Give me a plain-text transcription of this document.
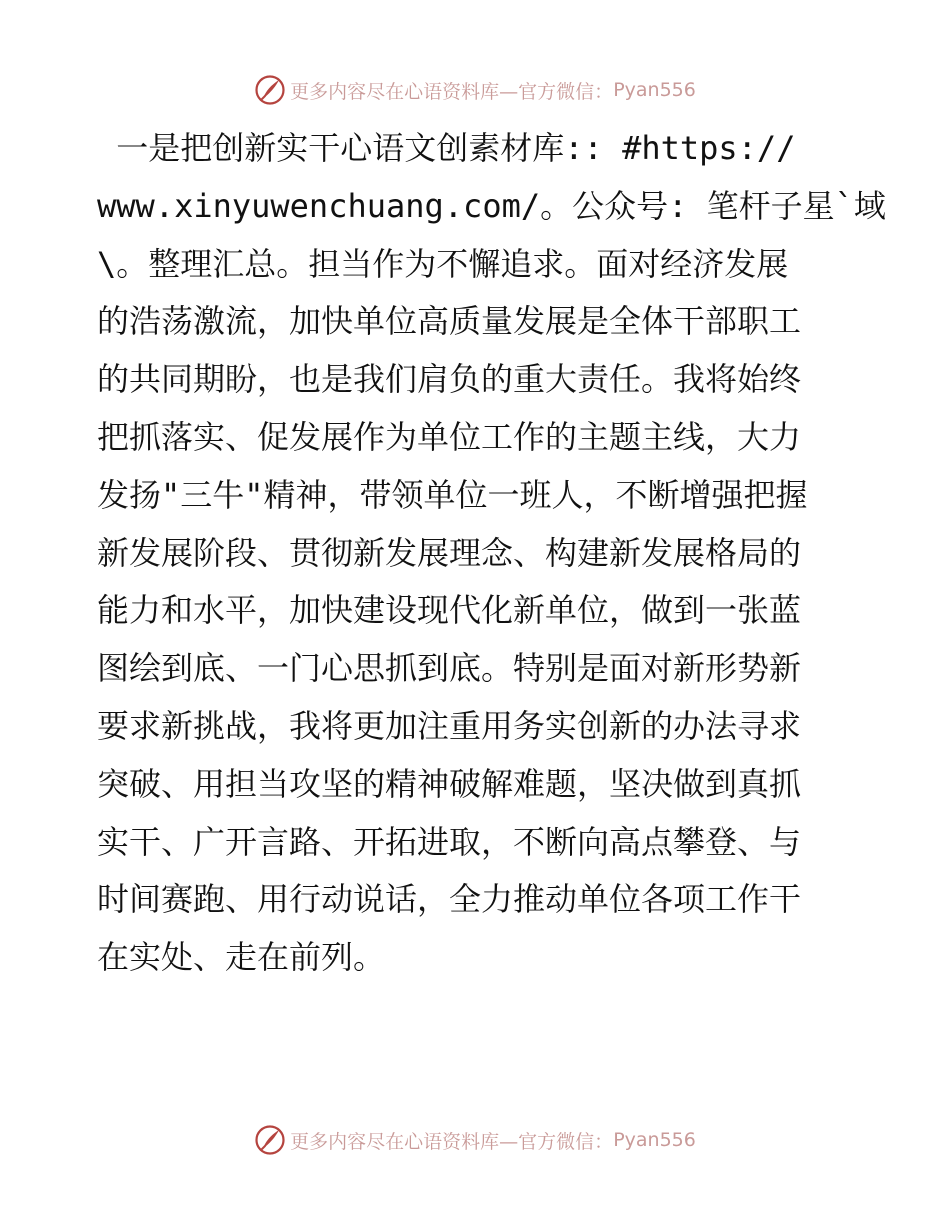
更多内容尽在心语资料库 —官方微信： Pyan556
一是把创新实干心语文创素材库:: #https://
www.xinyuwenchuang.com/。公众号: 笔杆子星`域
\。整理汇总。担当作为不懈追求。面对经济发展
的浩荡激流，加快单位高质量发展是全体干部职工
的共同期盼，也是我们肩负的重大责任。我将始终
把抓落实、促发展作为单位工作的主题主线，大力
发扬"三牛"精神，带领单位一班人，不断增强把握
新发展阶段、贯彻新发展理念、构建新发展格局的
能力和水平，加快建设现代化新单位，做到一张蓝
图绘到底、一门心思抓到底。特别是面对新形势新
要求新挑战，我将更加注重用务实创新的办法寻求
突破、用担当攻坚的精神破解难题，坚决做到真抓
实干、广开言路、开拓进取，不断向高点攀登、与
时间赛跑、用行动说话，全力推动单位各项工作干
在实处、走在前列。
更多内容尽在心语资料库 —官方微信： Pyan556
